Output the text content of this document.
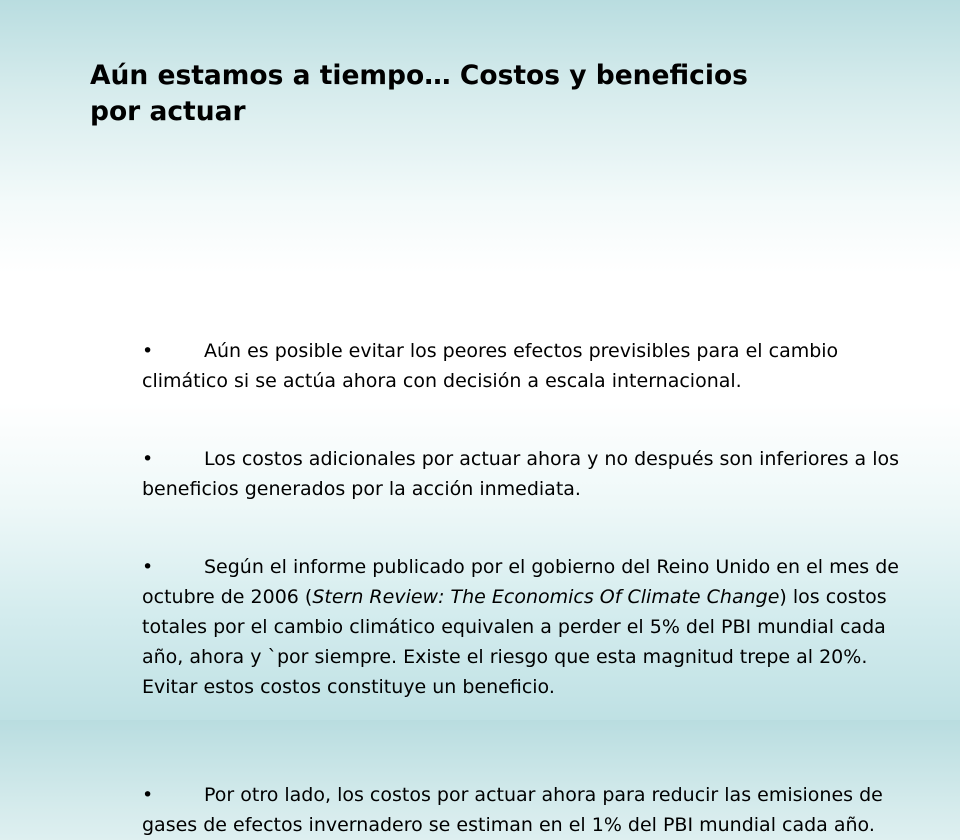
Aún estamos a tiempo… Costos y beneficios
por actuar
•Aún es posible evitar los peores efectos previsibles para el cambio climático si se actúa ahora con decisión a escala internacional.
•Los costos adicionales por actuar ahora y no después son inferiores a los beneficios generados por la acción inmediata.
•Según el informe publicado por el gobierno del Reino Unido en el mes de octubre de 2006 (Stern Review: The Economics Of Climate Change) los costos totales por el cambio climático equivalen a perder el 5% del PBI mundial cada año, ahora y `por siempre. Existe el riesgo que esta magnitud trepe al 20%. Evitar estos costos constituye un beneficio.
•Por otro lado, los costos por actuar ahora para reducir las emisiones de gases de efectos invernadero se estiman en el 1% del PBI mundial cada año.
